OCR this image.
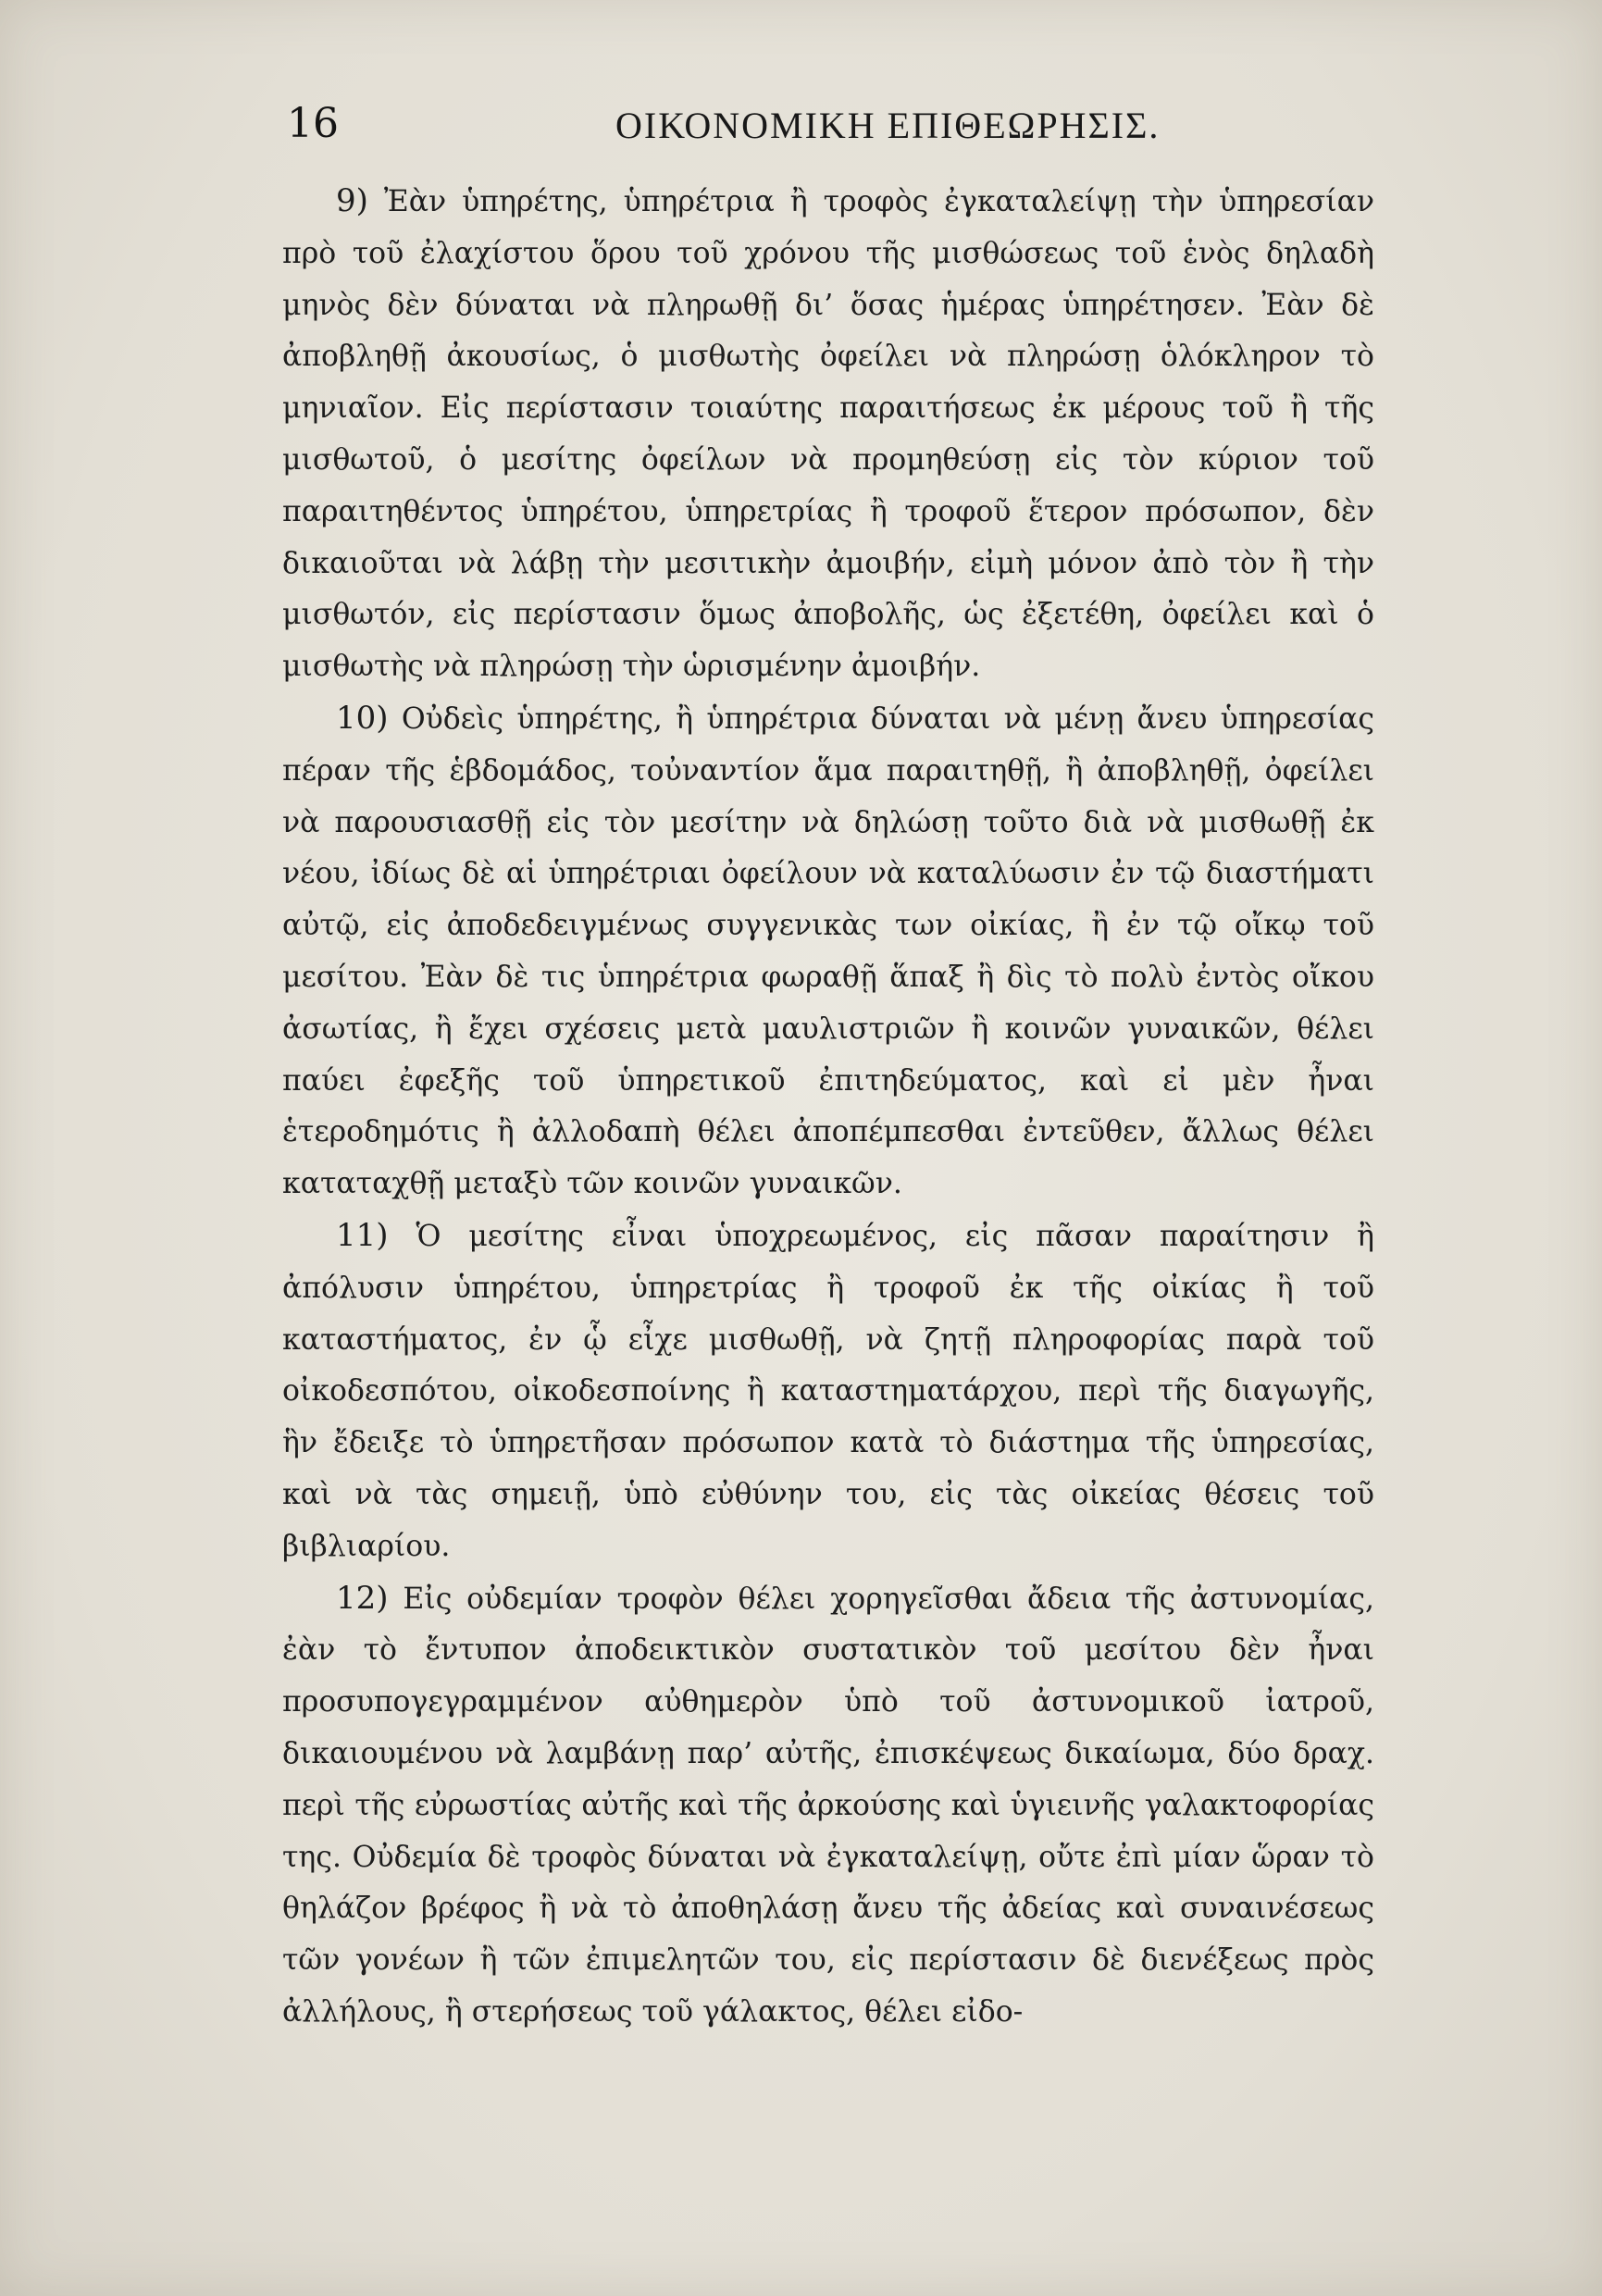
16	ΟΙΚΟΝΟΜΙΚΗ ΕΠΙΘΕΩΡΗΣΙΣ.

9) Ἐὰν ὑπηρέτης, ὑπηρέτρια ἢ τροφὸς ἐγκαταλείψῃ τὴν ὑπηρεσίαν πρὸ τοῦ ἐλαχίστου ὅρου τοῦ χρόνου τῆς μισθώσεως τοῦ ἑνὸς δηλαδὴ μηνὸς δὲν δύναται νὰ πληρωθῇ δι’ ὅσας ἡμέρας ὑπηρέτησεν. Ἐὰν δὲ ἀποβληθῇ ἀκουσίως, ὁ μισθωτὴς ὀφείλει νὰ πληρώσῃ ὁλόκληρον τὸ μηνιαῖον. Εἰς περίστασιν τοιαύτης παραιτήσεως ἐκ μέρους τοῦ ἢ τῆς μισθωτοῦ, ὁ μεσίτης ὀφείλων νὰ προμηθεύσῃ εἰς τὸν κύριον τοῦ παραιτηθέντος ὑπηρέτου, ὑπηρετρίας ἢ τροφοῦ ἕτερον πρόσωπον, δὲν δικαιοῦται νὰ λάβῃ τὴν μεσιτικὴν ἀμοιβήν, εἰμὴ μόνον ἀπὸ τὸν ἢ τὴν μισθωτόν, εἰς περίστασιν ὅμως ἀποβολῆς, ὡς ἐξετέθη, ὀφείλει καὶ ὁ μισθωτὴς νὰ πληρώσῃ τὴν ὡρισμένην ἀμοιβήν.

10) Οὐδεὶς ὑπηρέτης, ἢ ὑπηρέτρια δύναται νὰ μένῃ ἄνευ ὑπηρεσίας πέραν τῆς ἑβδομάδος, τοὐναντίον ἅμα παραιτηθῇ, ἢ ἀποβληθῇ, ὀφείλει νὰ παρουσιασθῇ εἰς τὸν μεσίτην νὰ δηλώσῃ τοῦτο διὰ νὰ μισθωθῇ ἐκ νέου, ἰδίως δὲ αἱ ὑπηρέτριαι ὀφείλουν νὰ καταλύωσιν ἐν τῷ διαστήματι αὐτῷ, εἰς ἀποδεδειγμένως συγγενικὰς των οἰκίας, ἢ ἐν τῷ οἴκῳ τοῦ μεσίτου. Ἐὰν δὲ τις ὑπηρέτρια φωραθῇ ἅπαξ ἢ δὶς τὸ πολὺ ἐντὸς οἴκου ἀσωτίας, ἢ ἔχει σχέσεις μετὰ μαυλιστριῶν ἢ κοινῶν γυναικῶν, θέλει παύει ἐφεξῆς τοῦ ὑπηρετικοῦ ἐπιτηδεύματος, καὶ εἰ μὲν ἦναι ἑτεροδημότις ἢ ἀλλοδαπὴ θέλει ἀποπέμπεσθαι ἐντεῦθεν, ἄλλως θέλει καταταχθῇ μεταξὺ τῶν κοινῶν γυναικῶν.

11) Ὁ μεσίτης εἶναι ὑποχρεωμένος, εἰς πᾶσαν παραίτησιν ἢ ἀπόλυσιν ὑπηρέτου, ὑπηρετρίας ἢ τροφοῦ ἐκ τῆς οἰκίας ἢ τοῦ καταστήματος, ἐν ᾧ εἶχε μισθωθῇ, νὰ ζητῇ πληροφορίας παρὰ τοῦ οἰκοδεσπότου, οἰκοδεσποίνης ἢ καταστηματάρχου, περὶ τῆς διαγωγῆς, ἣν ἔδειξε τὸ ὑπηρετῆσαν πρόσωπον κατὰ τὸ διάστημα τῆς ὑπηρεσίας, καὶ νὰ τὰς σημειῇ, ὑπὸ εὐθύνην του, εἰς τὰς οἰκείας θέσεις τοῦ βιβλιαρίου.

12) Εἰς οὐδεμίαν τροφὸν θέλει χορηγεῖσθαι ἄδεια τῆς ἀστυνομίας, ἐὰν τὸ ἔντυπον ἀποδεικτικὸν συστατικὸν τοῦ μεσίτου δὲν ἦναι προσυπογεγραμμένον αὐθημερὸν ὑπὸ τοῦ ἀστυνομικοῦ ἰατροῦ, δικαιουμένου νὰ λαμβάνῃ παρ’ αὐτῆς, ἐπισκέψεως δικαίωμα, δύο δραχ. περὶ τῆς εὐρωστίας αὐτῆς καὶ τῆς ἀρκούσης καὶ ὑγιεινῆς γαλακτοφορίας της. Οὐδεμία δὲ τροφὸς δύναται νὰ ἐγκαταλείψῃ, οὔτε ἐπὶ μίαν ὥραν τὸ θηλάζον βρέφος ἢ νὰ τὸ ἀποθηλάσῃ ἄνευ τῆς ἀδείας καὶ συναινέσεως τῶν γονέων ἢ τῶν ἐπιμελητῶν του, εἰς περίστασιν δὲ διενέξεως πρὸς ἀλλήλους, ἢ στερήσεως τοῦ γάλακτος, θέλει εἰδο-
